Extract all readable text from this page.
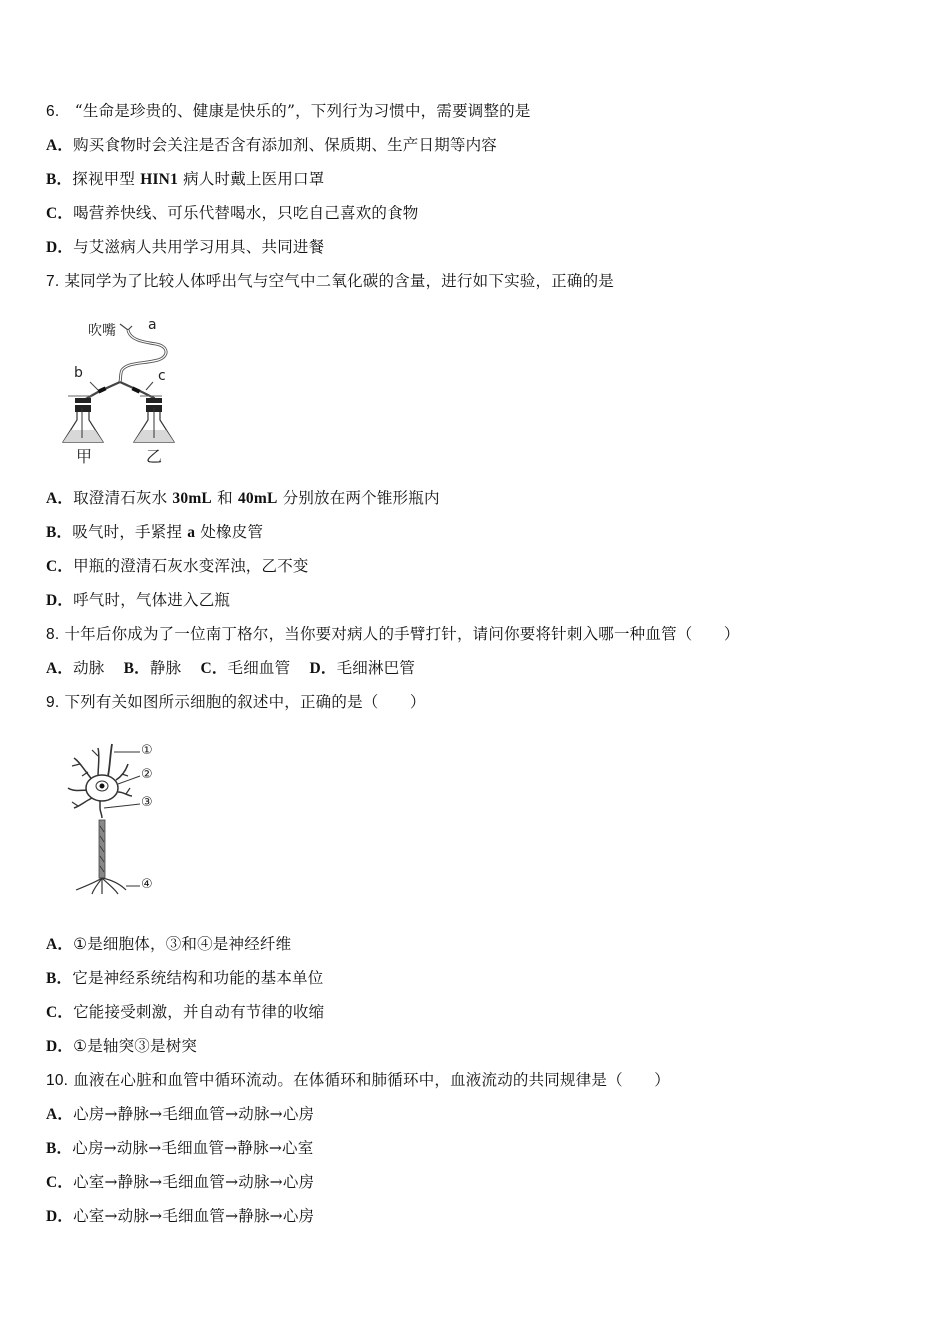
6. “生命是珍贵的、健康是快乐的”，下列行为习惯中，需要调整的是
A．购买食物时会关注是否含有添加剂、保质期、生产日期等内容
B．探视甲型 HIN1 病人时戴上医用口罩
C．喝营养快线、可乐代替喝水，只吃自己喜欢的食物
D．与艾滋病人共用学习用具、共同进餐
7. 某同学为了比较人体呼出气与空气中二氧化碳的含量，进行如下实验，正确的是
吹嘴 a
b	c
甲	乙
A．取澄清石灰水 30mL 和 40mL 分别放在两个锥形瓶内
B．吸气时，手紧捏 a 处橡皮管
C．甲瓶的澄清石灰水变浑浊，乙不变
D．呼气时，气体进入乙瓶
8. 十年后你成为了一位南丁格尔，当你要对病人的手臂打针，请问你要将针刺入哪一种血管（　　）
A．动脉 B．静脉 C．毛细血管 D．毛细淋巴管
9. 下列有关如图所示细胞的叙述中，正确的是（　　）
①
②
③
④
A．①是细胞体，③和④是神经纤维
B．它是神经系统结构和功能的基本单位
C．它能接受刺激，并自动有节律的收缩
D．①是轴突③是树突
10. 血液在心脏和血管中循环流动。在体循环和肺循环中，血液流动的共同规律是（　　）
A．心房→静脉→毛细血管→动脉→心房
B．心房→动脉→毛细血管→静脉→心室
C．心室→静脉→毛细血管→动脉→心房
D．心室→动脉→毛细血管→静脉→心房
